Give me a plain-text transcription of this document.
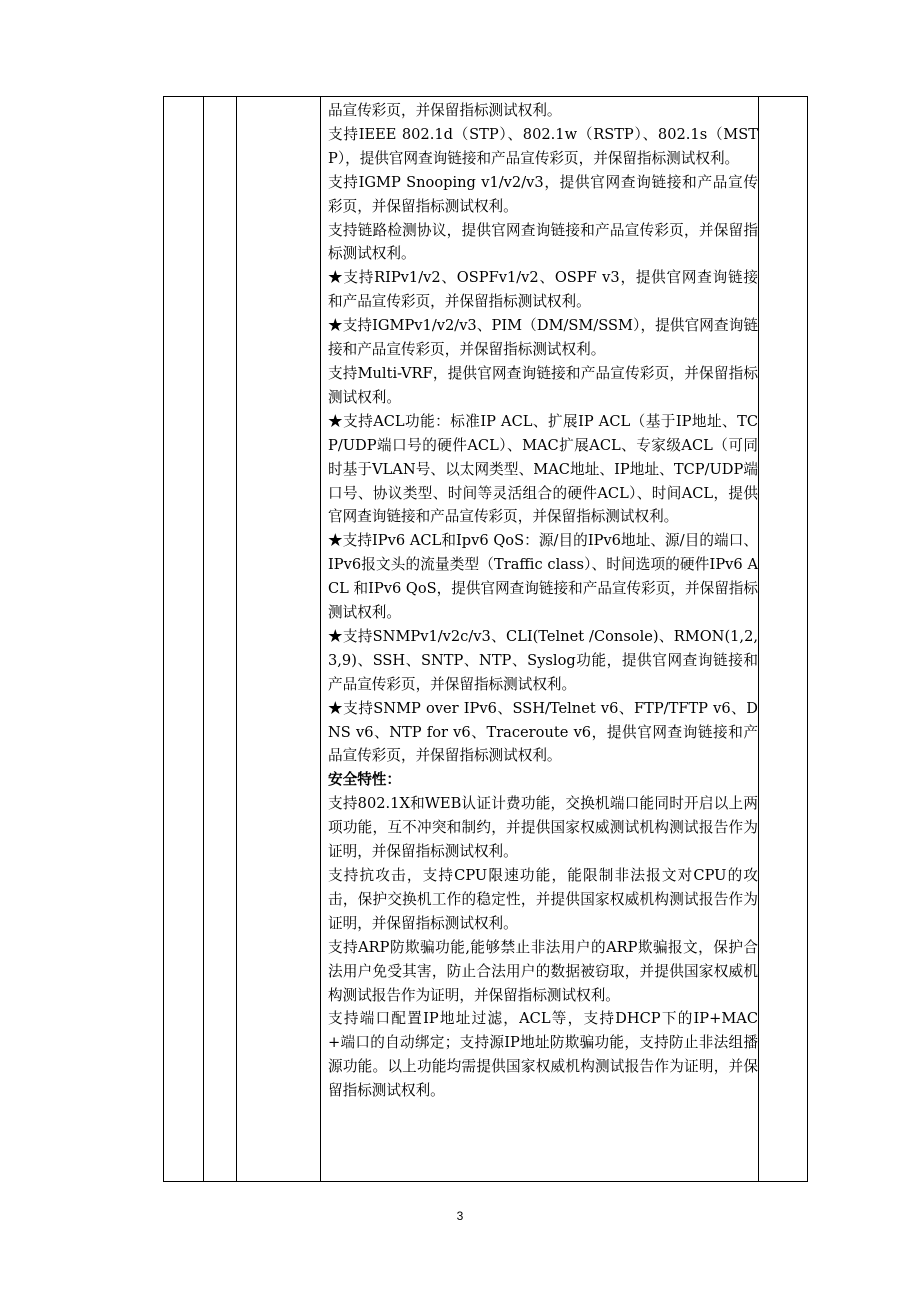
品宣传彩页，并保留指标测试权利。

支持IEEE 802.1d（STP）、802.1w（RSTP）、802.1s（MSTP），提供官网查询链接和产品宣传彩页，并保留指标测试权利。

支持IGMP Snooping v1/v2/v3，提供官网查询链接和产品宣传彩页，并保留指标测试权利。

支持链路检测协议，提供官网查询链接和产品宣传彩页，并保留指标测试权利。

★支持RIPv1/v2、OSPFv1/v2、OSPF v3，提供官网查询链接和产品宣传彩页，并保留指标测试权利。

★支持IGMPv1/v2/v3、PIM（DM/SM/SSM），提供官网查询链接和产品宣传彩页，并保留指标测试权利。

支持Multi-VRF，提供官网查询链接和产品宣传彩页，并保留指标测试权利。

★支持ACL功能：标准IP ACL、扩展IP ACL（基于IP地址、TCP/UDP端口号的硬件ACL）、MAC扩展ACL、专家级ACL（可同时基于VLAN号、以太网类型、MAC地址、IP地址、TCP/UDP端口号、协议类型、时间等灵活组合的硬件ACL）、时间ACL，提供官网查询链接和产品宣传彩页，并保留指标测试权利。

★支持IPv6 ACL和Ipv6 QoS：源/目的IPv6地址、源/目的端口、IPv6报文头的流量类型（Traffic class）、时间选项的硬件IPv6 ACL 和IPv6 QoS，提供官网查询链接和产品宣传彩页，并保留指标测试权利。

★支持SNMPv1/v2c/v3、CLI(Telnet /Console)、RMON(1,2,3,9)、SSH、SNTP、NTP、Syslog功能，提供官网查询链接和产品宣传彩页，并保留指标测试权利。

★支持SNMP over IPv6、SSH/Telnet v6、FTP/TFTP v6、DNS v6、NTP for v6、Traceroute v6，提供官网查询链接和产品宣传彩页，并保留指标测试权利。

安全特性：

支持802.1X和WEB认证计费功能，交换机端口能同时开启以上两项功能，互不冲突和制约，并提供国家权威测试机构测试报告作为证明，并保留指标测试权利。

支持抗攻击，支持CPU限速功能，能限制非法报文对CPU的攻击，保护交换机工作的稳定性，并提供国家权威机构测试报告作为证明，并保留指标测试权利。

支持ARP防欺骗功能,能够禁止非法用户的ARP欺骗报文，保护合法用户免受其害，防止合法用户的数据被窃取，并提供国家权威机构测试报告作为证明，并保留指标测试权利。

支持端口配置IP地址过滤，ACL等，支持DHCP下的IP+MAC+端口的自动绑定；支持源IP地址防欺骗功能，支持防止非法组播源功能。以上功能均需提供国家权威机构测试报告作为证明，并保留指标测试权利。

3
